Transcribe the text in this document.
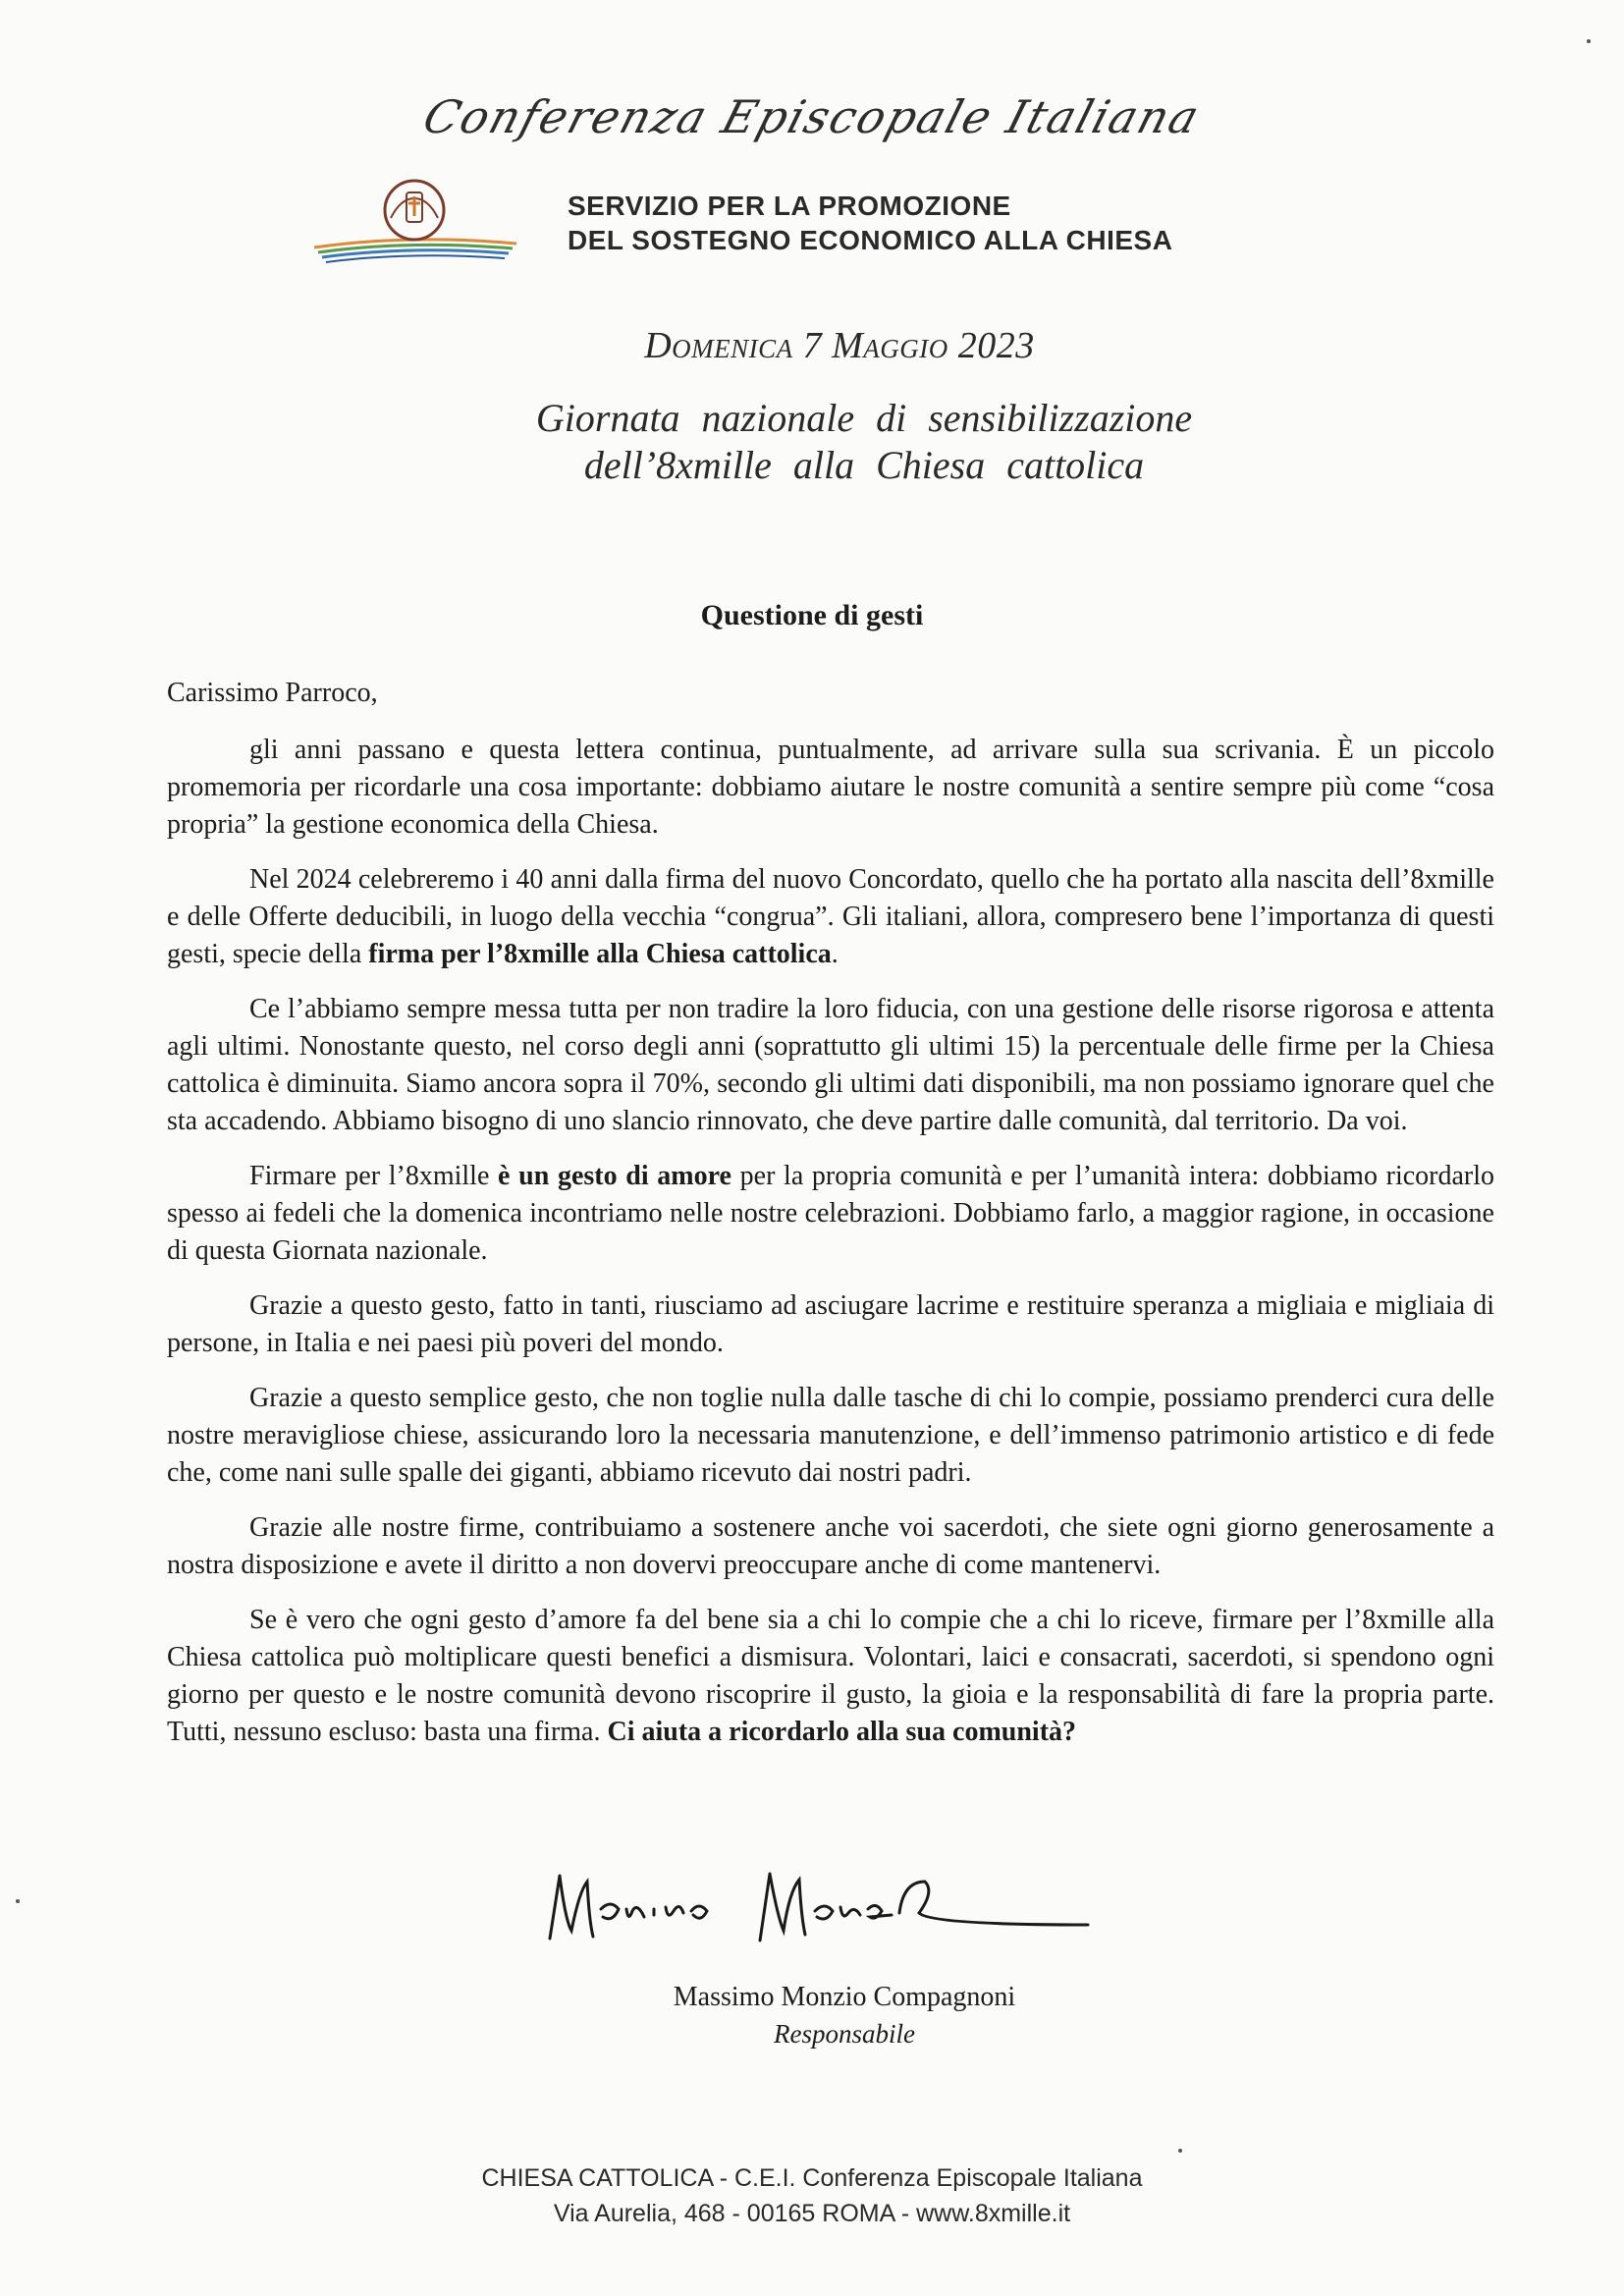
Conferenza Episcopale Italiana
SERVIZIO PER LA PROMOZIONE
DEL SOSTEGNO ECONOMICO ALLA CHIESA
Domenica 7 Maggio 2023
Giornata nazionale di sensibilizzazione
dell’8xmille alla Chiesa cattolica
Questione di gesti
Carissimo Parroco,

gli anni passano e questa lettera continua, puntualmente, ad arrivare sulla sua scrivania. È un piccolo promemoria per ricordarle una cosa importante: dobbiamo aiutare le nostre comunità a sentire sempre più come “cosa propria” la gestione economica della Chiesa.

Nel 2024 celebreremo i 40 anni dalla firma del nuovo Concordato, quello che ha portato alla nascita dell’8xmille e delle Offerte deducibili, in luogo della vecchia “congrua”. Gli italiani, allora, compresero bene l’importanza di questi gesti, specie della firma per l’8xmille alla Chiesa cattolica.

Ce l’abbiamo sempre messa tutta per non tradire la loro fiducia, con una gestione delle risorse rigorosa e attenta agli ultimi. Nonostante questo, nel corso degli anni (soprattutto gli ultimi 15) la percentuale delle firme per la Chiesa cattolica è diminuita. Siamo ancora sopra il 70%, secondo gli ultimi dati disponibili, ma non possiamo ignorare quel che sta accadendo. Abbiamo bisogno di uno slancio rinnovato, che deve partire dalle comunità, dal territorio. Da voi.

Firmare per l’8xmille è un gesto di amore per la propria comunità e per l’umanità intera: dobbiamo ricordarlo spesso ai fedeli che la domenica incontriamo nelle nostre celebrazioni. Dobbiamo farlo, a maggior ragione, in occasione di questa Giornata nazionale.

Grazie a questo gesto, fatto in tanti, riusciamo ad asciugare lacrime e restituire speranza a migliaia e migliaia di persone, in Italia e nei paesi più poveri del mondo.

Grazie a questo semplice gesto, che non toglie nulla dalle tasche di chi lo compie, possiamo prenderci cura delle nostre meravigliose chiese, assicurando loro la necessaria manutenzione, e dell’immenso patrimonio artistico e di fede che, come nani sulle spalle dei giganti, abbiamo ricevuto dai nostri padri.

Grazie alle nostre firme, contribuiamo a sostenere anche voi sacerdoti, che siete ogni giorno generosamente a nostra disposizione e avete il diritto a non dovervi preoccupare anche di come mantenervi.

Se è vero che ogni gesto d’amore fa del bene sia a chi lo compie che a chi lo riceve, firmare per l’8xmille alla Chiesa cattolica può moltiplicare questi benefici a dismisura. Volontari, laici e consacrati, sacerdoti, si spendono ogni giorno per questo e le nostre comunità devono riscoprire il gusto, la gioia e la responsabilità di fare la propria parte. Tutti, nessuno escluso: basta una firma. Ci aiuta a ricordarlo alla sua comunità?

Massimo Monzio Compagnoni
Responsabile
CHIESA CATTOLICA - C.E.I. Conferenza Episcopale Italiana
Via Aurelia, 468 - 00165 ROMA - www.8xmille.it
